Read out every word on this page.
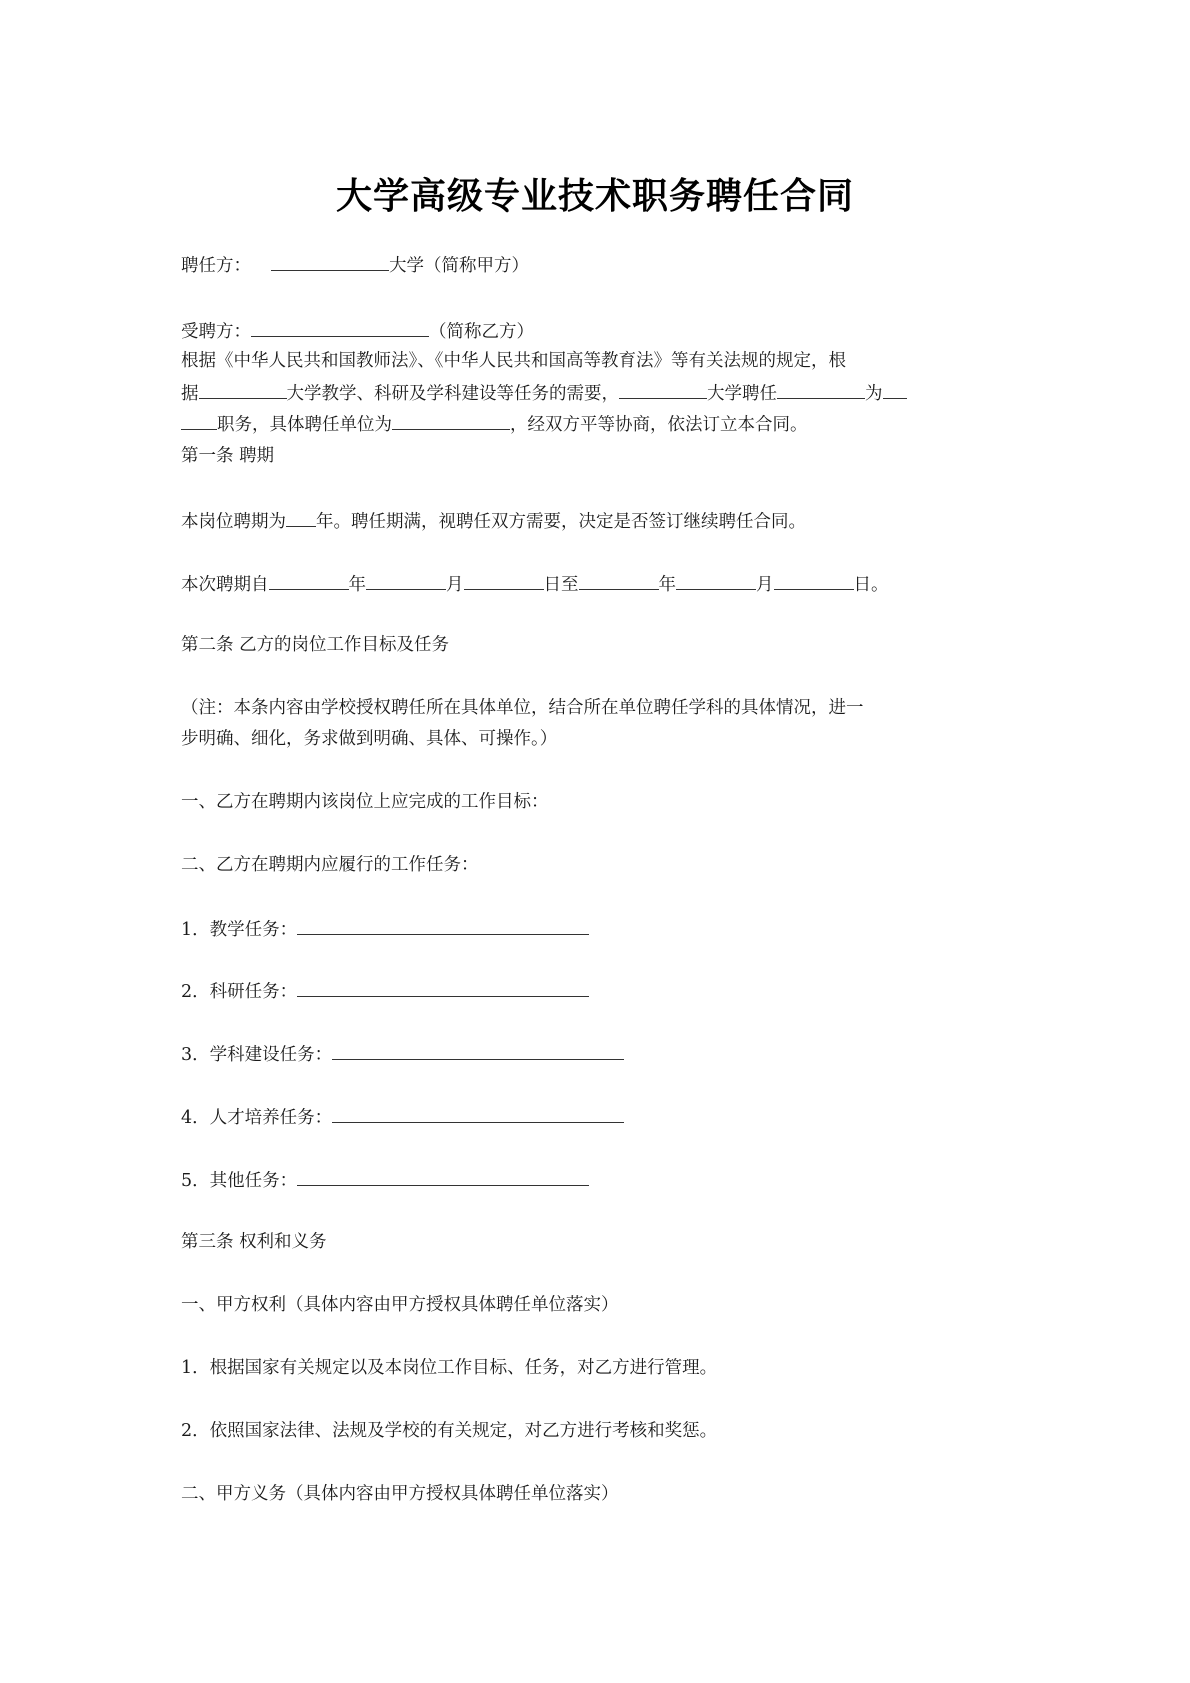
大学高级专业技术职务聘任合同
聘任方：	大学（简称甲方）
受聘方：	（简称乙方）
根据《中华人民共和国教师法》、《中华人民共和国高等教育法》等有关法规的规定，根
据	大学教学、科研及学科建设等任务的需要，	大学聘任	为
职务，具体聘任单位为	，经双方平等协商，依法订立本合同。
第一条 聘期
本岗位聘期为 年。聘任期满，视聘任双方需要，决定是否签订继续聘任合同。
本次聘期自	年	月	日至	年	月	日。
第二条 乙方的岗位工作目标及任务
（注：本条内容由学校授权聘任所在具体单位，结合所在单位聘任学科的具体情况，进一
步明确、细化，务求做到明确、具体、可操作。）
一、乙方在聘期内该岗位上应完成的工作目标：
二、乙方在聘期内应履行的工作任务：
1．教学任务：
2．科研任务：
3．学科建设任务：
4．人才培养任务：
5．其他任务：
第三条 权利和义务
一、甲方权利（具体内容由甲方授权具体聘任单位落实）
1．根据国家有关规定以及本岗位工作目标、任务，对乙方进行管理。
2．依照国家法律、法规及学校的有关规定，对乙方进行考核和奖惩。
二、甲方义务（具体内容由甲方授权具体聘任单位落实）
